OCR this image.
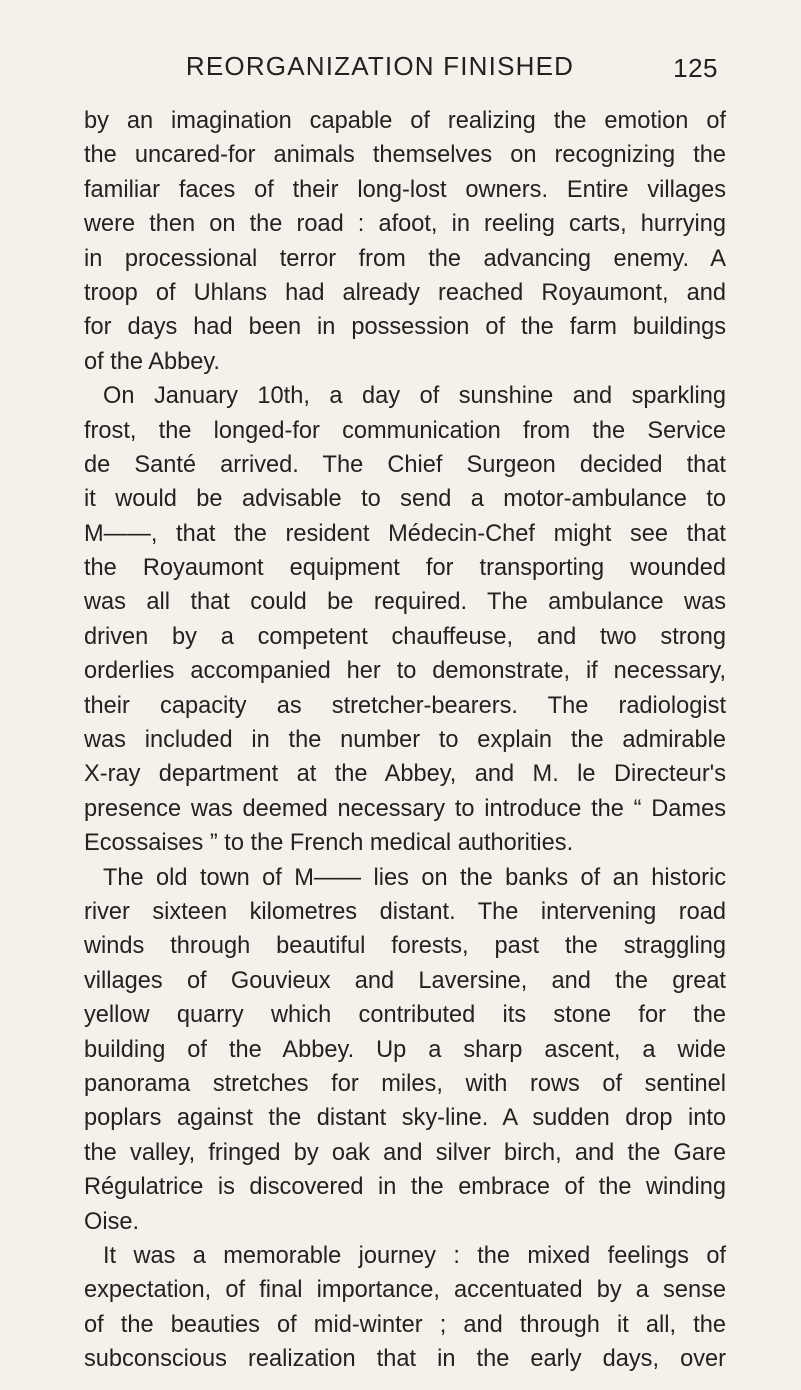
REORGANIZATION FINISHED	125
by an imagination capable of realizing the emotion of
the uncared-for animals themselves on recognizing the
familiar faces of their long-lost owners. Entire villages
were then on the road : afoot, in reeling carts, hurrying
in processional terror from the advancing enemy. A
troop of Uhlans had already reached Royaumont, and
for days had been in possession of the farm buildings
of the Abbey.
On January 10th, a day of sunshine and sparkling
frost, the longed-for communication from the Service
de Santé arrived. The Chief Surgeon decided that
it would be advisable to send a motor-ambulance to
M——, that the resident Médecin-Chef might see that
the Royaumont equipment for transporting wounded
was all that could be required. The ambulance was
driven by a competent chauffeuse, and two strong
orderlies accompanied her to demonstrate, if necessary,
their capacity as stretcher-bearers. The radiologist
was included in the number to explain the admirable
X-ray department at the Abbey, and M. le Directeur's
presence was deemed necessary to introduce the “ Dames
Ecossaises ” to the French medical authorities.
The old town of M—— lies on the banks of an historic
river sixteen kilometres distant. The intervening road
winds through beautiful forests, past the straggling
villages of Gouvieux and Laversine, and the great
yellow quarry which contributed its stone for the
building of the Abbey. Up a sharp ascent, a wide
panorama stretches for miles, with rows of sentinel
poplars against the distant sky-line. A sudden drop into
the valley, fringed by oak and silver birch, and the Gare
Régulatrice is discovered in the embrace of the winding
Oise.
It was a memorable journey : the mixed feelings of
expectation, of final importance, accentuated by a sense
of the beauties of mid-winter ; and through it all, the
subconscious realization that in the early days, over
